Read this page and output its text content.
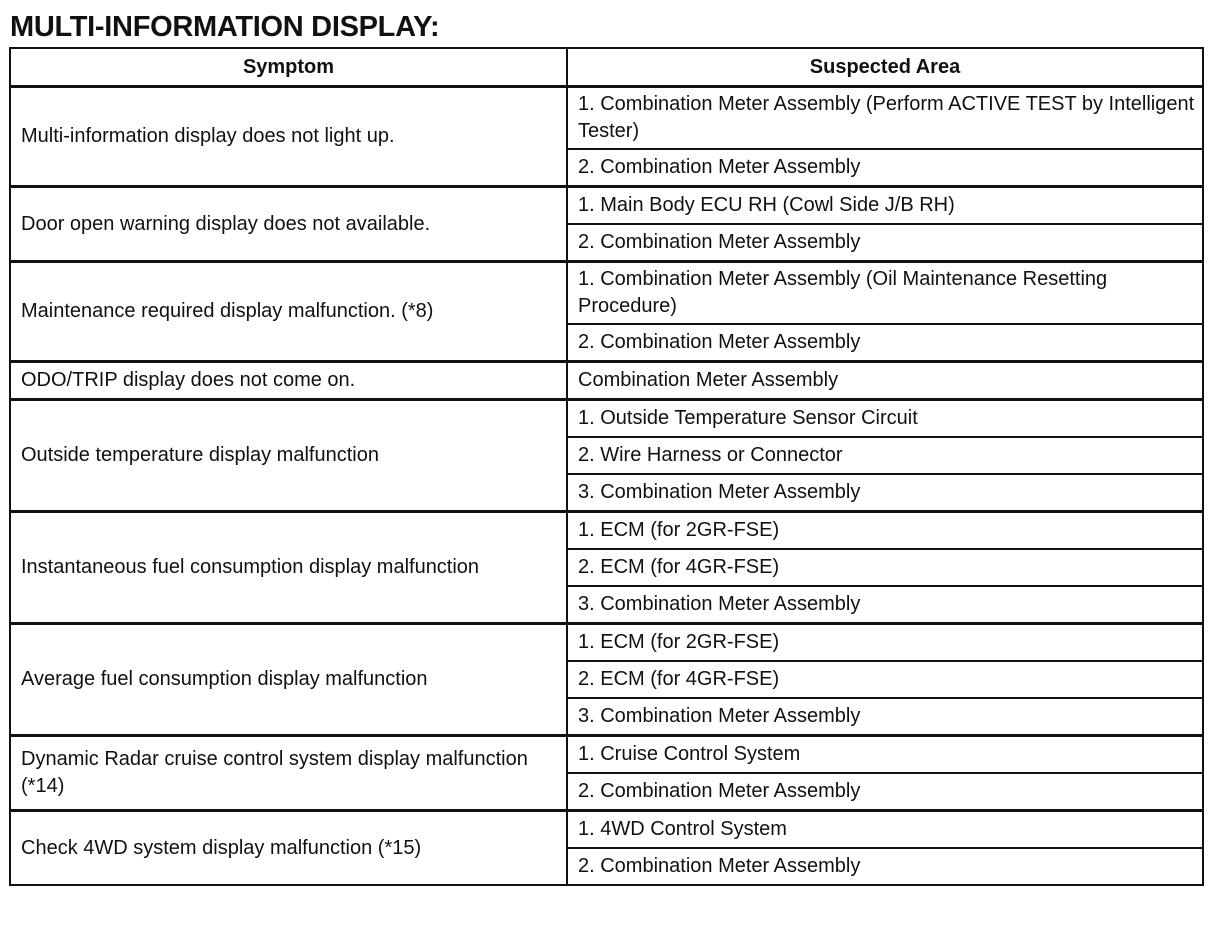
MULTI-INFORMATION DISPLAY:
Symptom	Suspected Area
Multi-information display does not light up.	1. Combination Meter Assembly (Perform ACTIVE TEST by Intelligent Tester)
	2. Combination Meter Assembly
Door open warning display does not available.	1. Main Body ECU RH (Cowl Side J/B RH)
	2. Combination Meter Assembly
Maintenance required display malfunction. (*8)	1. Combination Meter Assembly (Oil Maintenance Resetting Procedure)
	2. Combination Meter Assembly
ODO/TRIP display does not come on.	Combination Meter Assembly
Outside temperature display malfunction	1. Outside Temperature Sensor Circuit
	2. Wire Harness or Connector
	3. Combination Meter Assembly
Instantaneous fuel consumption display malfunction	1. ECM (for 2GR-FSE)
	2. ECM (for 4GR-FSE)
	3. Combination Meter Assembly
Average fuel consumption display malfunction	1. ECM (for 2GR-FSE)
	2. ECM (for 4GR-FSE)
	3. Combination Meter Assembly
Dynamic Radar cruise control system display malfunction (*14)	1. Cruise Control System
	2. Combination Meter Assembly
Check 4WD system display malfunction (*15)	1. 4WD Control System
	2. Combination Meter Assembly
